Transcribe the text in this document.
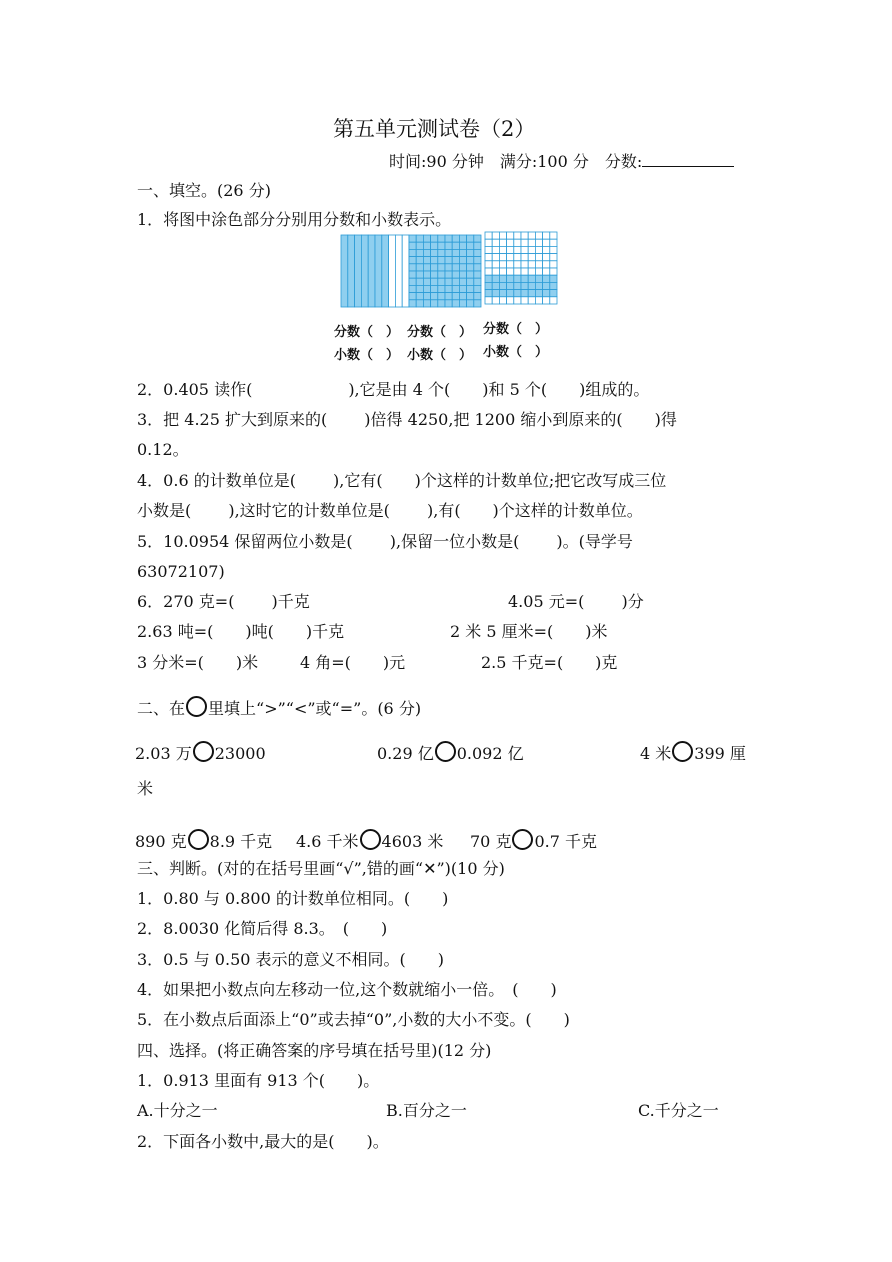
第五单元测试卷（2）
时间:90 分钟　满分:100 分　分数:
一、填空。(26 分)
1．将图中涂色部分分别用分数和小数表示。
分数（　） 分数（　） 分数（　）
小数（　） 小数（　） 小数（　）
2．0.405 读作(　　　　　　),它是由 4 个(　　)和 5 个(　　)组成的。
3．把 4.25 扩大到原来的(　　 )倍得 4250,把 1200 缩小到原来的(　　)得
0.12。
4．0.6 的计数单位是(　　 ),它有(　　)个这样的计数单位;把它改写成三位
小数是(　　 ),这时它的计数单位是(　　 ),有(　　)个这样的计数单位。
5．10.0954 保留两位小数是(　　 ),保留一位小数是(　　 )。(导学号
63072107)
6．270 克=(　　 )千克	4.05 元=(　　 )分
2.63 吨=(　　)吨(　　)千克	2 米 5 厘米=(　　)米
3 分米=(　　)米	4 角=(　　)元	2.5 千克=(　　)克
二、在 里填上“>”“<”或“=”。(6 分)
2.03 万 23000	0.29 亿 0.092 亿	4 米 399 厘
米
890 克 8.9 千克 4.6 千米 4603 米 70 克 0.7 千克
三、判断。(对的在括号里画“√”,错的画“✕”)(10 分)
1．0.80 与 0.800 的计数单位相同。(　　)
2．8.0030 化简后得 8.3。　(　　)
3．0.5 与 0.50 表示的意义不相同。(　　)
4．如果把小数点向左移动一位,这个数就缩小一倍。　(　　)
5．在小数点后面添上“0”或去掉“0”,小数的大小不变。(　　)
四、选择。(将正确答案的序号填在括号里)(12 分)
1．0.913 里面有 913 个(　　)。
A.十分之一	B.百分之一	C.千分之一
2．下面各小数中,最大的是(　　)。
